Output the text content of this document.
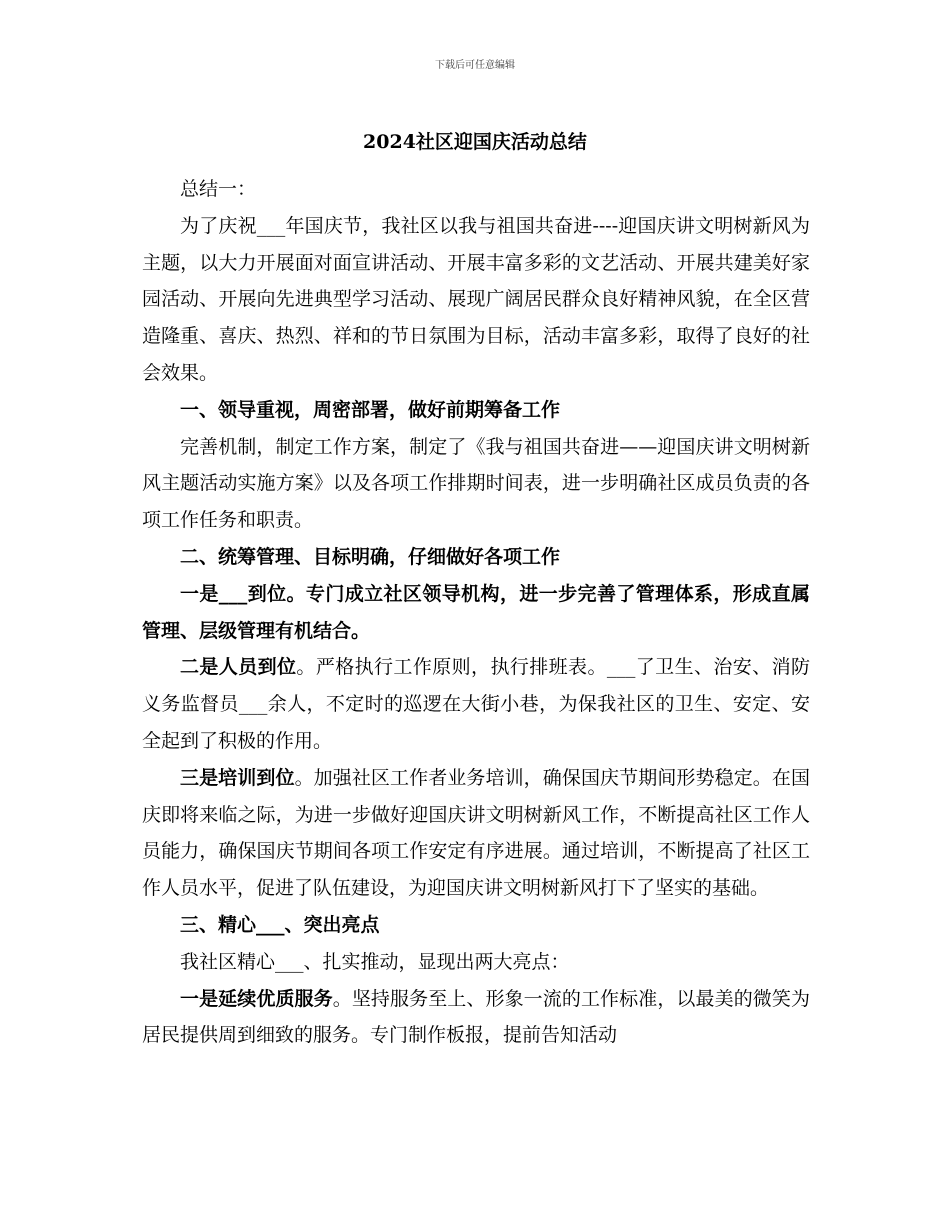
下载后可任意编辑
2024社区迎国庆活动总结

总结一：

为了庆祝___年国庆节，我社区以我与祖国共奋进----迎国庆讲文明树新风为主题，以大力开展面对面宣讲活动、开展丰富多彩的文艺活动、开展共建美好家园活动、开展向先进典型学习活动、展现广阔居民群众良好精神风貌，在全区营造隆重、喜庆、热烈、祥和的节日氛围为目标，活动丰富多彩，取得了良好的社会效果。

一、领导重视，周密部署，做好前期筹备工作

完善机制，制定工作方案，制定了《我与祖国共奋进——迎国庆讲文明树新风主题活动实施方案》以及各项工作排期时间表，进一步明确社区成员负责的各项工作任务和职责。

二、统筹管理、目标明确，仔细做好各项工作

一是___到位。专门成立社区领导机构，进一步完善了管理体系，形成直属管理、层级管理有机结合。

二是人员到位。严格执行工作原则，执行排班表。___了卫生、治安、消防义务监督员___余人，不定时的巡逻在大街小巷，为保我社区的卫生、安定、安全起到了积极的作用。

三是培训到位。加强社区工作者业务培训，确保国庆节期间形势稳定。在国庆即将来临之际，为进一步做好迎国庆讲文明树新风工作，不断提高社区工作人员能力，确保国庆节期间各项工作安定有序进展。通过培训，不断提高了社区工作人员水平，促进了队伍建设，为迎国庆讲文明树新风打下了坚实的基础。

三、精心___、突出亮点

我社区精心___、扎实推动，显现出两大亮点：

一是延续优质服务。坚持服务至上、形象一流的工作标准，以最美的微笑为居民提供周到细致的服务。专门制作板报，提前告知活动
